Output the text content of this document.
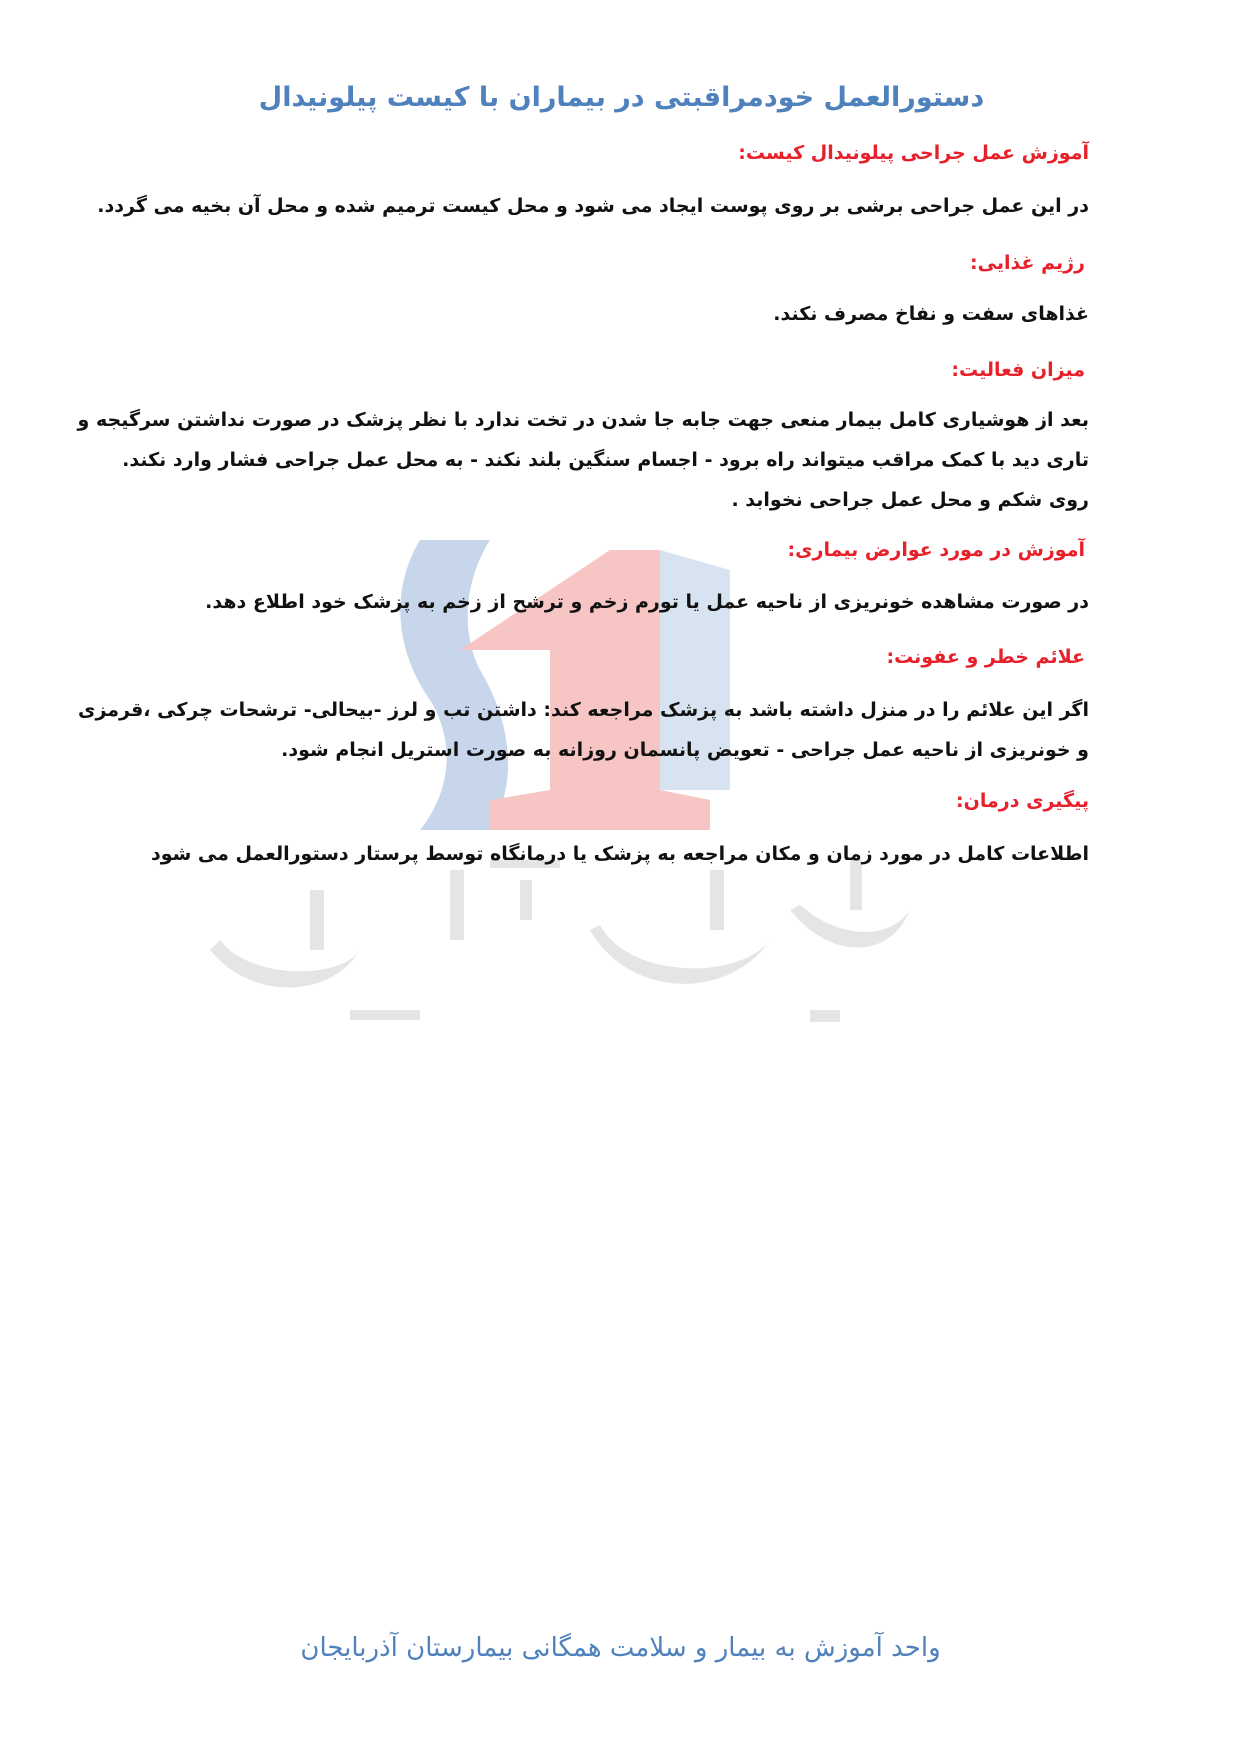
دستورالعمل خودمراقبتی در بیماران با کیست پیلونیدال
آموزش عمل جراحی پیلونیدال کیست:

در این عمل جراحی برشی بر روی پوست ایجاد می شود و محل کیست ترمیم شده و محل آن بخیه می گردد.

رژیم غذایی:

غذاهای سفت و نفاخ مصرف نکند.

میزان فعالیت:
بعد از هوشیاری کامل بیمار منعی جهت جابه جا شدن در تخت ندارد با نظر پزشک در صورت نداشتن سرگیجه و
تاری دید با کمک مراقب میتواند راه برود - اجسام سنگین بلند نکند - به محل عمل جراحی فشار وارد نکند.
روی شکم و محل عمل جراحی نخوابد .
آموزش در مورد عوارض بیماری:

در صورت مشاهده خونریزی از ناحیه عمل یا تورم زخم و ترشح از زخم به پزشک خود اطلاع دهد.

علائم خطر و عفونت:
اگر این علائم را در منزل داشته باشد به پزشک مراجعه کند: داشتن تب و لرز -بیحالی- ترشحات چرکی ،قرمزی
و خونریزی از ناحیه عمل جراحی - تعویض پانسمان روزانه به صورت استریل انجام شود.
پیگیری درمان:

اطلاعات کامل در مورد زمان و مکان مراجعه به پزشک یا درمانگاه توسط پرستار دستورالعمل می شود

واحد آموزش به بیمار و سلامت همگانی بیمارستان آذربایجان
